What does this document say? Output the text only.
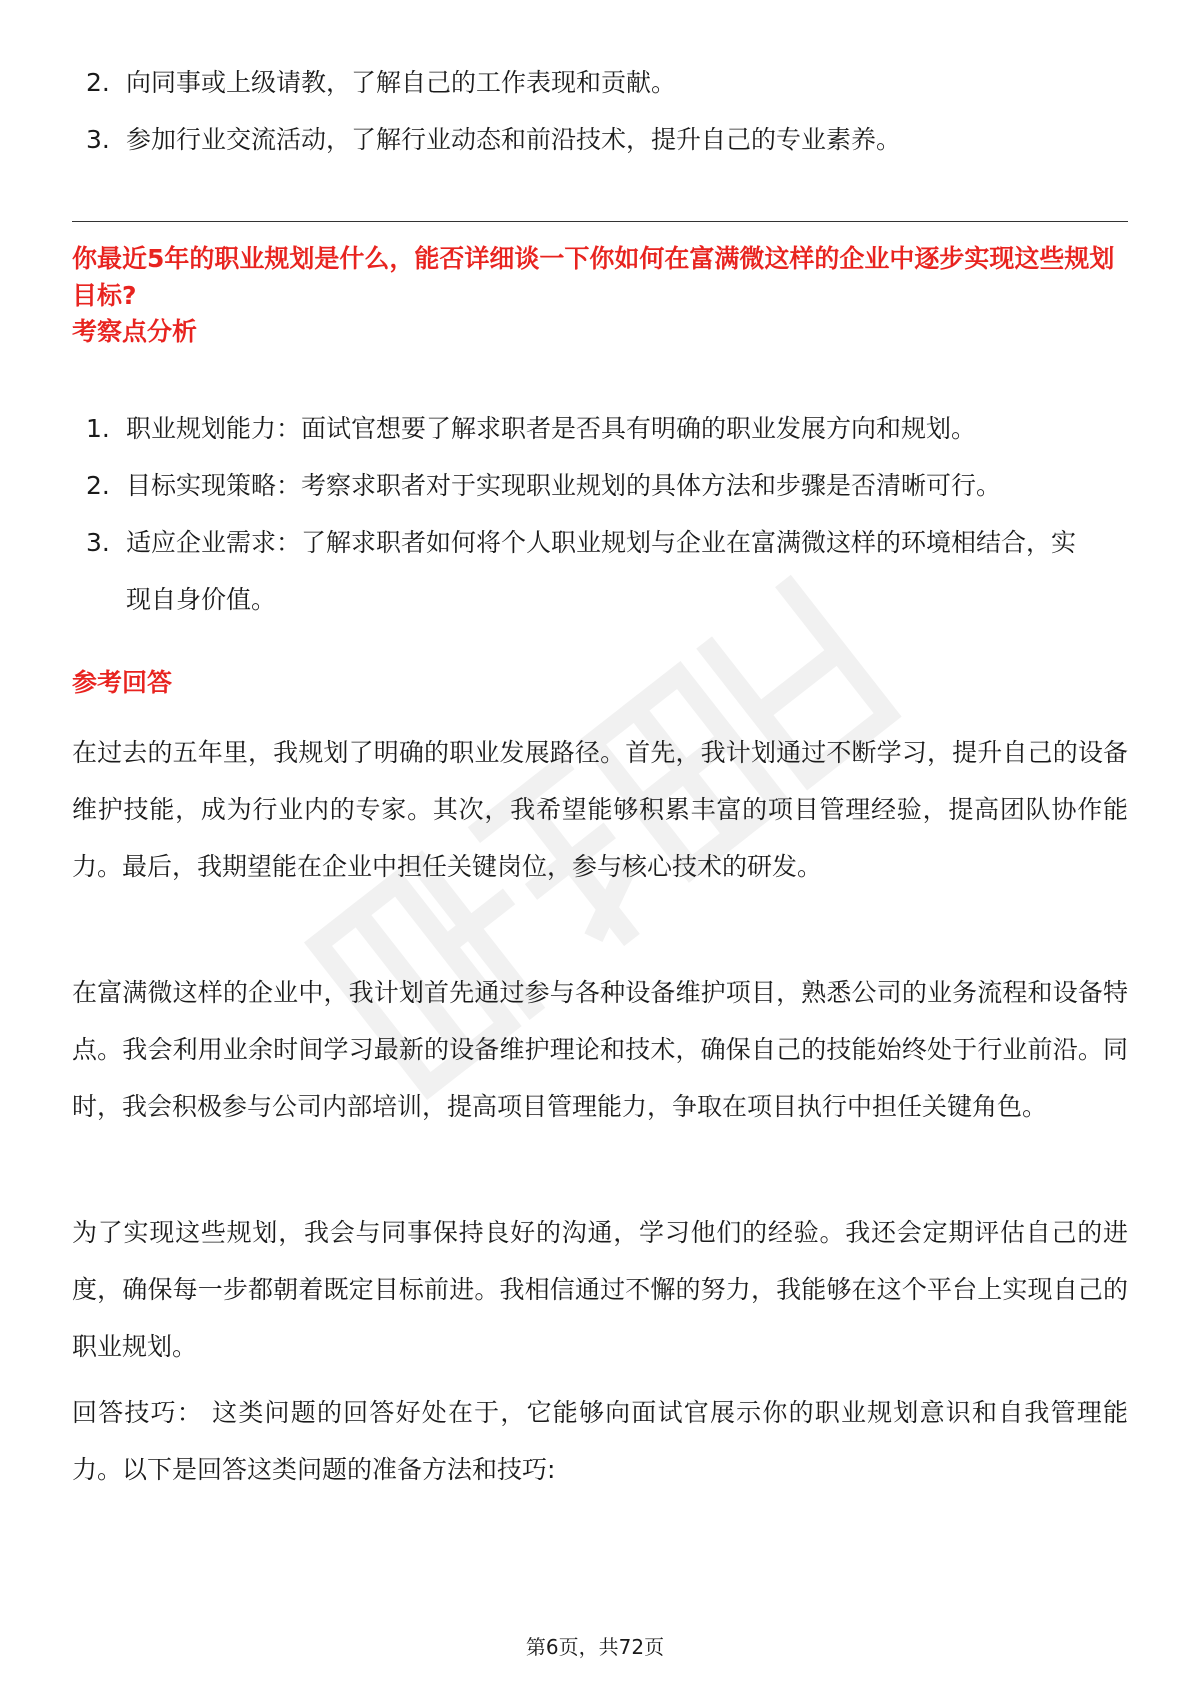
2. 向同事或上级请教，了解自己的工作表现和贡献。
3. 参加行业交流活动，了解行业动态和前沿技术，提升自己的专业素养。
你最近5年的职业规划是什么，能否详细谈一下你如何在富满微这样的企业中逐步实现这些规划目标?
考察点分析
1. 职业规划能力：面试官想要了解求职者是否具有明确的职业发展方向和规划。
2. 目标实现策略：考察求职者对于实现职业规划的具体方法和步骤是否清晰可行。
3. 适应企业需求：了解求职者如何将个人职业规划与企业在富满微这样的环境相结合，实现自身价值。
参考回答

在过去的五年里，我规划了明确的职业发展路径。首先，我计划通过不断学习，提升自己的设备维护技能，成为行业内的专家。其次，我希望能够积累丰富的项目管理经验，提高团队协作能力。最后，我期望能在企业中担任关键岗位，参与核心技术的研发。

在富满微这样的企业中，我计划首先通过参与各种设备维护项目，熟悉公司的业务流程和设备特点。我会利用业余时间学习最新的设备维护理论和技术，确保自己的技能始终处于行业前沿。同时，我会积极参与公司内部培训，提高项目管理能力，争取在项目执行中担任关键角色。

为了实现这些规划，我会与同事保持良好的沟通，学习他们的经验。我还会定期评估自己的进度，确保每一步都朝着既定目标前进。我相信通过不懈的努力，我能够在这个平台上实现自己的职业规划。

回答技巧： 这类问题的回答好处在于，它能够向面试官展示你的职业规划意识和自我管理能力。以下是回答这类问题的准备方法和技巧:

第6页，共72页
